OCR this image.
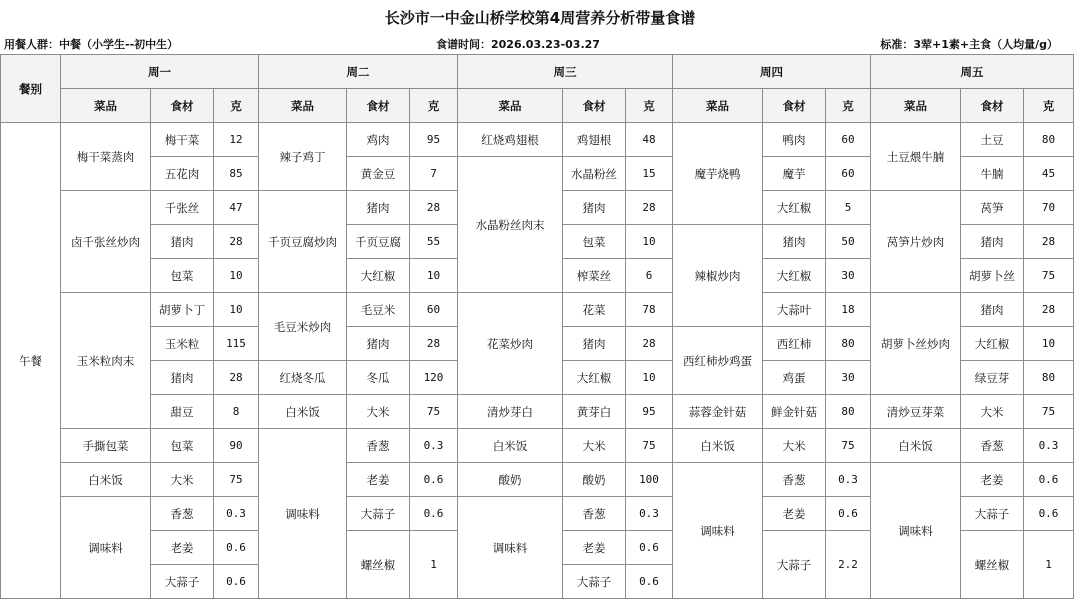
长沙市一中金山桥学校第4周营养分析带量食谱
用餐人群：中餐（小学生--初中生）	食谱时间：2026.03.23-03.27	标准：3荤+1素+主食（人均量/g）
餐别	周一			周二			周三			周四			周五		
	菜品	食材	克	菜品	食材	克	菜品	食材	克	菜品	食材	克	菜品	食材	克
午餐	梅干菜蒸肉	梅干菜	12	辣子鸡丁	鸡肉	95	红烧鸡翅根	鸡翅根	48	魔芋烧鸭	鸭肉	60	土豆煨牛腩	土豆	80
		五花肉	85		黄金豆	7	水晶粉丝肉末	水晶粉丝	15		魔芋	60		牛腩	45
	卤千张丝炒肉	千张丝	47	千页豆腐炒肉	猪肉	28		猪肉	28		大红椒	5	莴笋片炒肉	莴笋	70
		猪肉	28		千页豆腐	55		包菜	10	辣椒炒肉	猪肉	50		猪肉	28
		包菜	10		大红椒	10		榨菜丝	6		大红椒	30		胡萝卜丝	75
	玉米粒肉末	胡萝卜丁	10	毛豆米炒肉	毛豆米	60	花菜炒肉	花菜	78		大蒜叶	18	胡萝卜丝炒肉	猪肉	28
		玉米粒	115		猪肉	28		猪肉	28	西红柿炒鸡蛋	西红柿	80		大红椒	10
		猪肉	28	红烧冬瓜	冬瓜	120		大红椒	10		鸡蛋	30		绿豆芽	80
		甜豆	8	白米饭	大米	75	清炒芽白	黄芽白	95	蒜蓉金针菇	鲜金针菇	80	清炒豆芽菜	大米	75
	手撕包菜	包菜	90	调味料	香葱	0.3	白米饭	大米	75	白米饭	大米	75	白米饭	香葱	0.3
	白米饭	大米	75		老姜	0.6	酸奶	酸奶	100	调味料	香葱	0.3	调味料	老姜	0.6
	调味料	香葱	0.3		大蒜子	0.6	调味料	香葱	0.3		老姜	0.6		大蒜子	0.6
		老姜	0.6		螺丝椒	1		老姜	0.6		大蒜子	2.2		螺丝椒	1
		大蒜子	0.6					大蒜子	0.6						
